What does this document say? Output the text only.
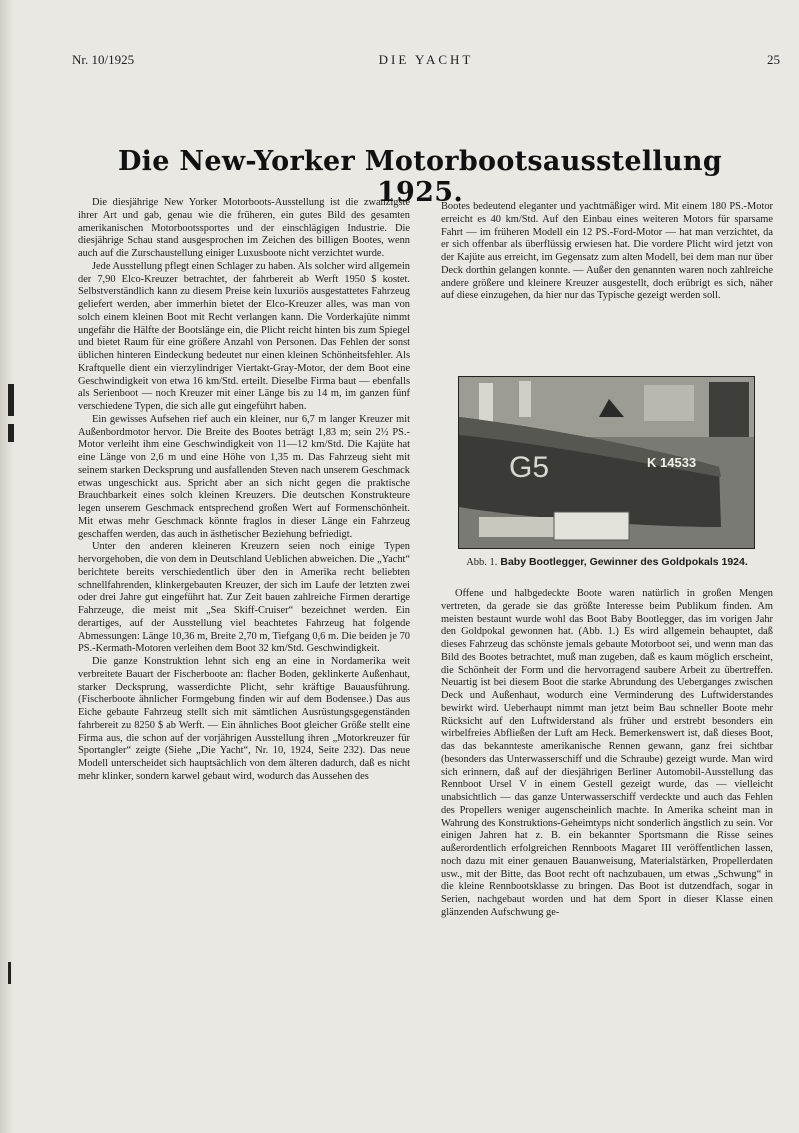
Nr. 10/1925	DIE YACHT	25
Die New-Yorker Motorbootsausstellung 1925.

Die diesjährige New Yorker Motorboots-Ausstellung ist die zwanzigste ihrer Art und gab, genau wie die früheren, ein gutes Bild des gesamten amerikanischen Motorbootssportes und der einschlägigen Industrie. Die diesjährige Schau stand ausgesprochen im Zeichen des billigen Bootes, wenn auch auf die Zurschaustellung einiger Luxusboote nicht verzichtet wurde.

Jede Ausstellung pflegt einen Schlager zu haben. Als solcher wird allgemein der 7,90 Elco-Kreuzer betrachtet, der fahrbereit ab Werft 1950 $ kostet. Selbstverständlich kann zu diesem Preise kein luxuriös ausgestattetes Fahrzeug geliefert werden, aber immerhin bietet der Elco-Kreuzer alles, was man von solch einem kleinen Boot mit Recht verlangen kann. Die Vorderkajüte nimmt ungefähr die Hälfte der Bootslänge ein, die Plicht reicht hinten bis zum Spiegel und bietet Raum für eine größere Anzahl von Personen. Das Fehlen der sonst üblichen hinteren Eindeckung bedeutet nur einen kleinen Schönheitsfehler. Als Kraftquelle dient ein vierzylindriger Viertakt-Gray-Motor, der dem Boot eine Geschwindigkeit von etwa 16 km/Std. erteilt. Dieselbe Firma baut — ebenfalls als Serienboot — noch Kreuzer mit einer Länge bis zu 14 m, im ganzen fünf verschiedene Typen, die sich alle gut eingeführt haben.

Ein gewisses Aufsehen rief auch ein kleiner, nur 6,7 m langer Kreuzer mit Außenbordmotor hervor. Die Breite des Bootes beträgt 1,83 m; sein 2½ PS.-Motor verleiht ihm eine Geschwindigkeit von 11—12 km/Std. Die Kajüte hat eine Länge von 2,6 m und eine Höhe von 1,35 m. Das Fahrzeug sieht mit seinem starken Decksprung und ausfallenden Steven nach unserem Geschmack etwas ungeschickt aus. Spricht aber an sich nicht gegen die praktische Brauchbarkeit eines solch kleinen Kreuzers. Die deutschen Konstrukteure legen unserem Geschmack entsprechend großen Wert auf Formenschönheit. Mit etwas mehr Geschmack könnte fraglos in dieser Länge ein Fahrzeug geschaffen werden, das auch in ästhetischer Beziehung befriedigt.

Unter den anderen kleineren Kreuzern seien noch einige Typen hervorgehoben, die von dem in Deutschland Ueblichen abweichen. Die „Yacht“ berichtete bereits verschiedentlich über den in Amerika recht beliebten schnellfahrenden, klinkergebauten Kreuzer, der sich im Laufe der letzten zwei oder drei Jahre gut eingeführt hat. Zur Zeit bauen zahlreiche Firmen derartige Fahrzeuge, die meist mit „Sea Skiff-Cruiser“ bezeichnet werden. Ein derartiges, auf der Ausstellung viel beachtetes Fahrzeug hat folgende Abmessungen: Länge 10,36 m, Breite 2,70 m, Tiefgang 0,6 m. Die beiden je 70 PS.-Kermath-Motoren verleihen dem Boot 32 km/Std. Geschwindigkeit.

Die ganze Konstruktion lehnt sich eng an eine in Nordamerika weit verbreitete Bauart der Fischerboote an: flacher Boden, geklinkerte Außenhaut, starker Decksprung, wasserdichte Plicht, sehr kräftige Bauausführung. (Fischerboote ähnlicher Formgebung finden wir auf dem Bodensee.) Das aus Eiche gebaute Fahrzeug stellt sich mit sämtlichen Ausrüstungsgegenständen fahrbereit zu 8250 $ ab Werft. — Ein ähnliches Boot gleicher Größe stellt eine Firma aus, die schon auf der vorjährigen Ausstellung ihren „Motorkreuzer für Sportangler“ zeigte (Siehe „Die Yacht“, Nr. 10, 1924, Seite 232). Das neue Modell unterscheidet sich hauptsächlich von dem älteren dadurch, daß es nicht mehr klinker, sondern karwel gebaut wird, wodurch das Aussehen des

Bootes bedeutend eleganter und yachtmäßiger wird. Mit einem 180 PS.-Motor erreicht es 40 km/Std. Auf den Einbau eines weiteren Motors für sparsame Fahrt — im früheren Modell ein 12 PS.-Ford-Motor — hat man verzichtet, da er sich offenbar als überflüssig erwiesen hat. Die vordere Plicht wird jetzt von der Kajüte aus erreicht, im Gegensatz zum alten Modell, bei dem man nur über Deck dorthin gelangen konnte. — Außer den genannten waren noch zahlreiche andere größere und kleinere Kreuzer ausgestellt, doch erübrigt es sich, näher auf diese einzugehen, da hier nur das Typische gezeigt werden soll.

G5	K 14533
Abb. 1. Baby Bootlegger, Gewinner des Goldpokals 1924.

Offene und halbgedeckte Boote waren natürlich in großen Mengen vertreten, da gerade sie das größte Interesse beim Publikum finden. Am meisten bestaunt wurde wohl das Boot Baby Bootlegger, das im vorigen Jahr den Goldpokal gewonnen hat. (Abb. 1.) Es wird allgemein behauptet, daß dieses Fahrzeug das schönste jemals gebaute Motorboot sei, und wenn man das Bild des Bootes betrachtet, muß man zugeben, daß es kaum möglich erscheint, die Schönheit der Form und die hervorragend saubere Arbeit zu übertreffen. Neuartig ist bei diesem Boot die starke Abrundung des Ueberganges zwischen Deck und Außenhaut, wodurch eine Verminderung des Luftwiderstandes bewirkt wird. Ueberhaupt nimmt man jetzt beim Bau schneller Boote mehr Rücksicht auf den Luftwiderstand als früher und erstrebt besonders ein wirbelfreies Abfließen der Luft am Heck. Bemerkenswert ist, daß dieses Boot, das das bekannteste amerikanische Rennen gewann, ganz frei sichtbar (besonders das Unterwasserschiff und die Schraube) gezeigt wurde. Man wird sich erinnern, daß auf der diesjährigen Berliner Automobil-Ausstellung das Rennboot Ursel V in einem Gestell gezeigt wurde, das — vielleicht unabsichtlich — das ganze Unterwasserschiff verdeckte und auch das Fehlen des Propellers weniger augenscheinlich machte. In Amerika scheint man in Wahrung des Konstruktions-Geheimtyps nicht sonderlich ängstlich zu sein. Vor einigen Jahren hat z. B. ein bekannter Sportsmann die Risse seines außerordentlich erfolgreichen Rennboots Magaret III veröffentlichen lassen, noch dazu mit einer genauen Bauanweisung, Materialstärken, Propellerdaten usw., mit der Bitte, das Boot recht oft nachzubauen, um etwas „Schwung“ in die kleine Rennbootsklasse zu bringen. Das Boot ist dutzendfach, sogar in Serien, nachgebaut worden und hat dem Sport in dieser Klasse einen glänzenden Aufschwung ge-
